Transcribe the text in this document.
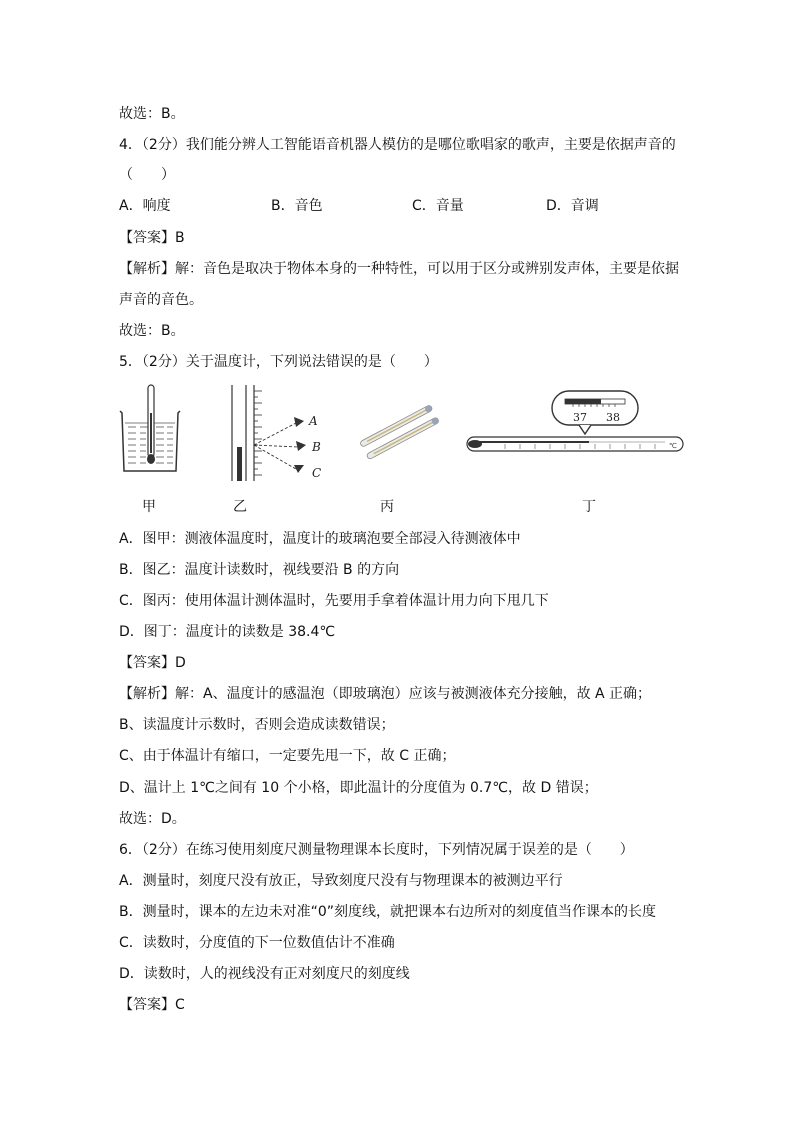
故选：B。
4．（2分）我们能分辨人工智能语音机器人模仿的是哪位歌唱家的歌声，主要是依据声音的
（　　）
A．响度	B．音色	C．音量	D．音调
【答案】B
【解析】解：音色是取决于物体本身的一种特性，可以用于区分或辨别发声体，主要是依据
声音的音色。
故选：B。
5．（2分）关于温度计，下列说法错误的是（　　）
甲
A
B
C
乙	丙
37 38
℃
丁
A．图甲：测液体温度时，温度计的玻璃泡要全部浸入待测液体中
B．图乙：温度计读数时，视线要沿 B 的方向
C．图丙：使用体温计测体温时，先要用手拿着体温计用力向下甩几下
D．图丁：温度计的读数是 38.4℃
【答案】D
【解析】解：A、温度计的感温泡（即玻璃泡）应该与被测液体充分接触，故 A 正确；
B、读温度计示数时，否则会造成读数错误；
C、由于体温计有缩口，一定要先甩一下，故 C 正确；
D、温计上 1℃之间有 10 个小格，即此温计的分度值为 0.7℃，故 D 错误；
故选：D。
6．（2分）在练习使用刻度尺测量物理课本长度时，下列情况属于误差的是（　　）
A．测量时，刻度尺没有放正，导致刻度尺没有与物理课本的被测边平行
B．测量时，课本的左边未对准“0”刻度线，就把课本右边所对的刻度值当作课本的长度
C．读数时，分度值的下一位数值估计不准确
D．读数时，人的视线没有正对刻度尺的刻度线
【答案】C
